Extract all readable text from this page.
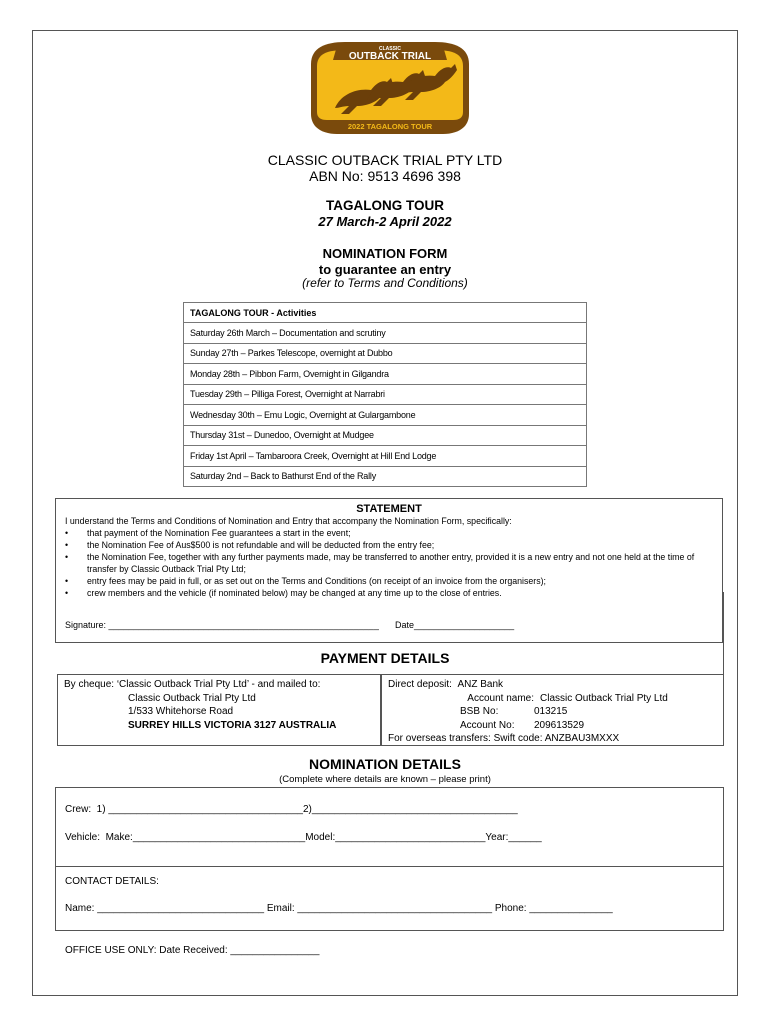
CLASSIC
OUTBACK TRIAL
2022 TAGALONG TOUR
CLASSIC OUTBACK TRIAL PTY LTD
ABN No: 9513 4696 398
TAGALONG TOUR
27 March-2 April 2022
NOMINATION FORM
to guarantee an entry
(refer to Terms and Conditions)
TAGALONG TOUR - Activities
Saturday 26th March – Documentation and scrutiny
Sunday 27th – Parkes Telescope, overnight at Dubbo
Monday 28th – Pibbon Farm, Overnight in Gilgandra
Tuesday 29th – Pilliga Forest, Overnight at Narrabri
Wednesday 30th – Emu Logic, Overnight at Gulargambone
Thursday 31st – Dunedoo, Overnight at Mudgee
Friday 1st April – Tambaroora Creek, Overnight at Hill End Lodge
Saturday 2nd – Back to Bathurst End of the Rally
STATEMENT
I understand the Terms and Conditions of Nomination and Entry that accompany the Nomination Form, specifically:
• that payment of the Nomination Fee guarantees a start in the event;
• the Nomination Fee of Aus$500 is not refundable and will be deducted from the entry fee;
• the Nomination Fee, together with any further payments made, may be transferred to another entry, provided it is a new entry and not one held at the time of transfer by Classic Outback Trial Pty Ltd;
• entry fees may be paid in full, or as set out on the Terms and Conditions (on receipt of an invoice from the organisers);
• crew members and the vehicle (if nominated below) may be changed at any time up to the close of entries.
Signature: ______________________________________________________ Date____________________
PAYMENT DETAILS
By cheque: ‘Classic Outback Trial Pty Ltd’ - and mailed to:
Classic Outback Trial Pty Ltd
1/533 Whitehorse Road
SURREY HILLS VICTORIA 3127 AUSTRALIA
Direct deposit:
ANZ Bank
Account name: Classic Outback Trial Pty Ltd
BSB No:	013215
Account No:	209613529
For overseas transfers: Swift code: ANZBAU3MXXX
NOMINATION DETAILS
(Complete where details are known – please print)
Crew:  1) ___________________________________2)_____________________________________
Vehicle:  Make:_______________________________Model:___________________________Year:______
CONTACT DETAILS:
Name: ______________________________ Email: ___________________________________ Phone: _______________
OFFICE USE ONLY: Date Received: ________________
